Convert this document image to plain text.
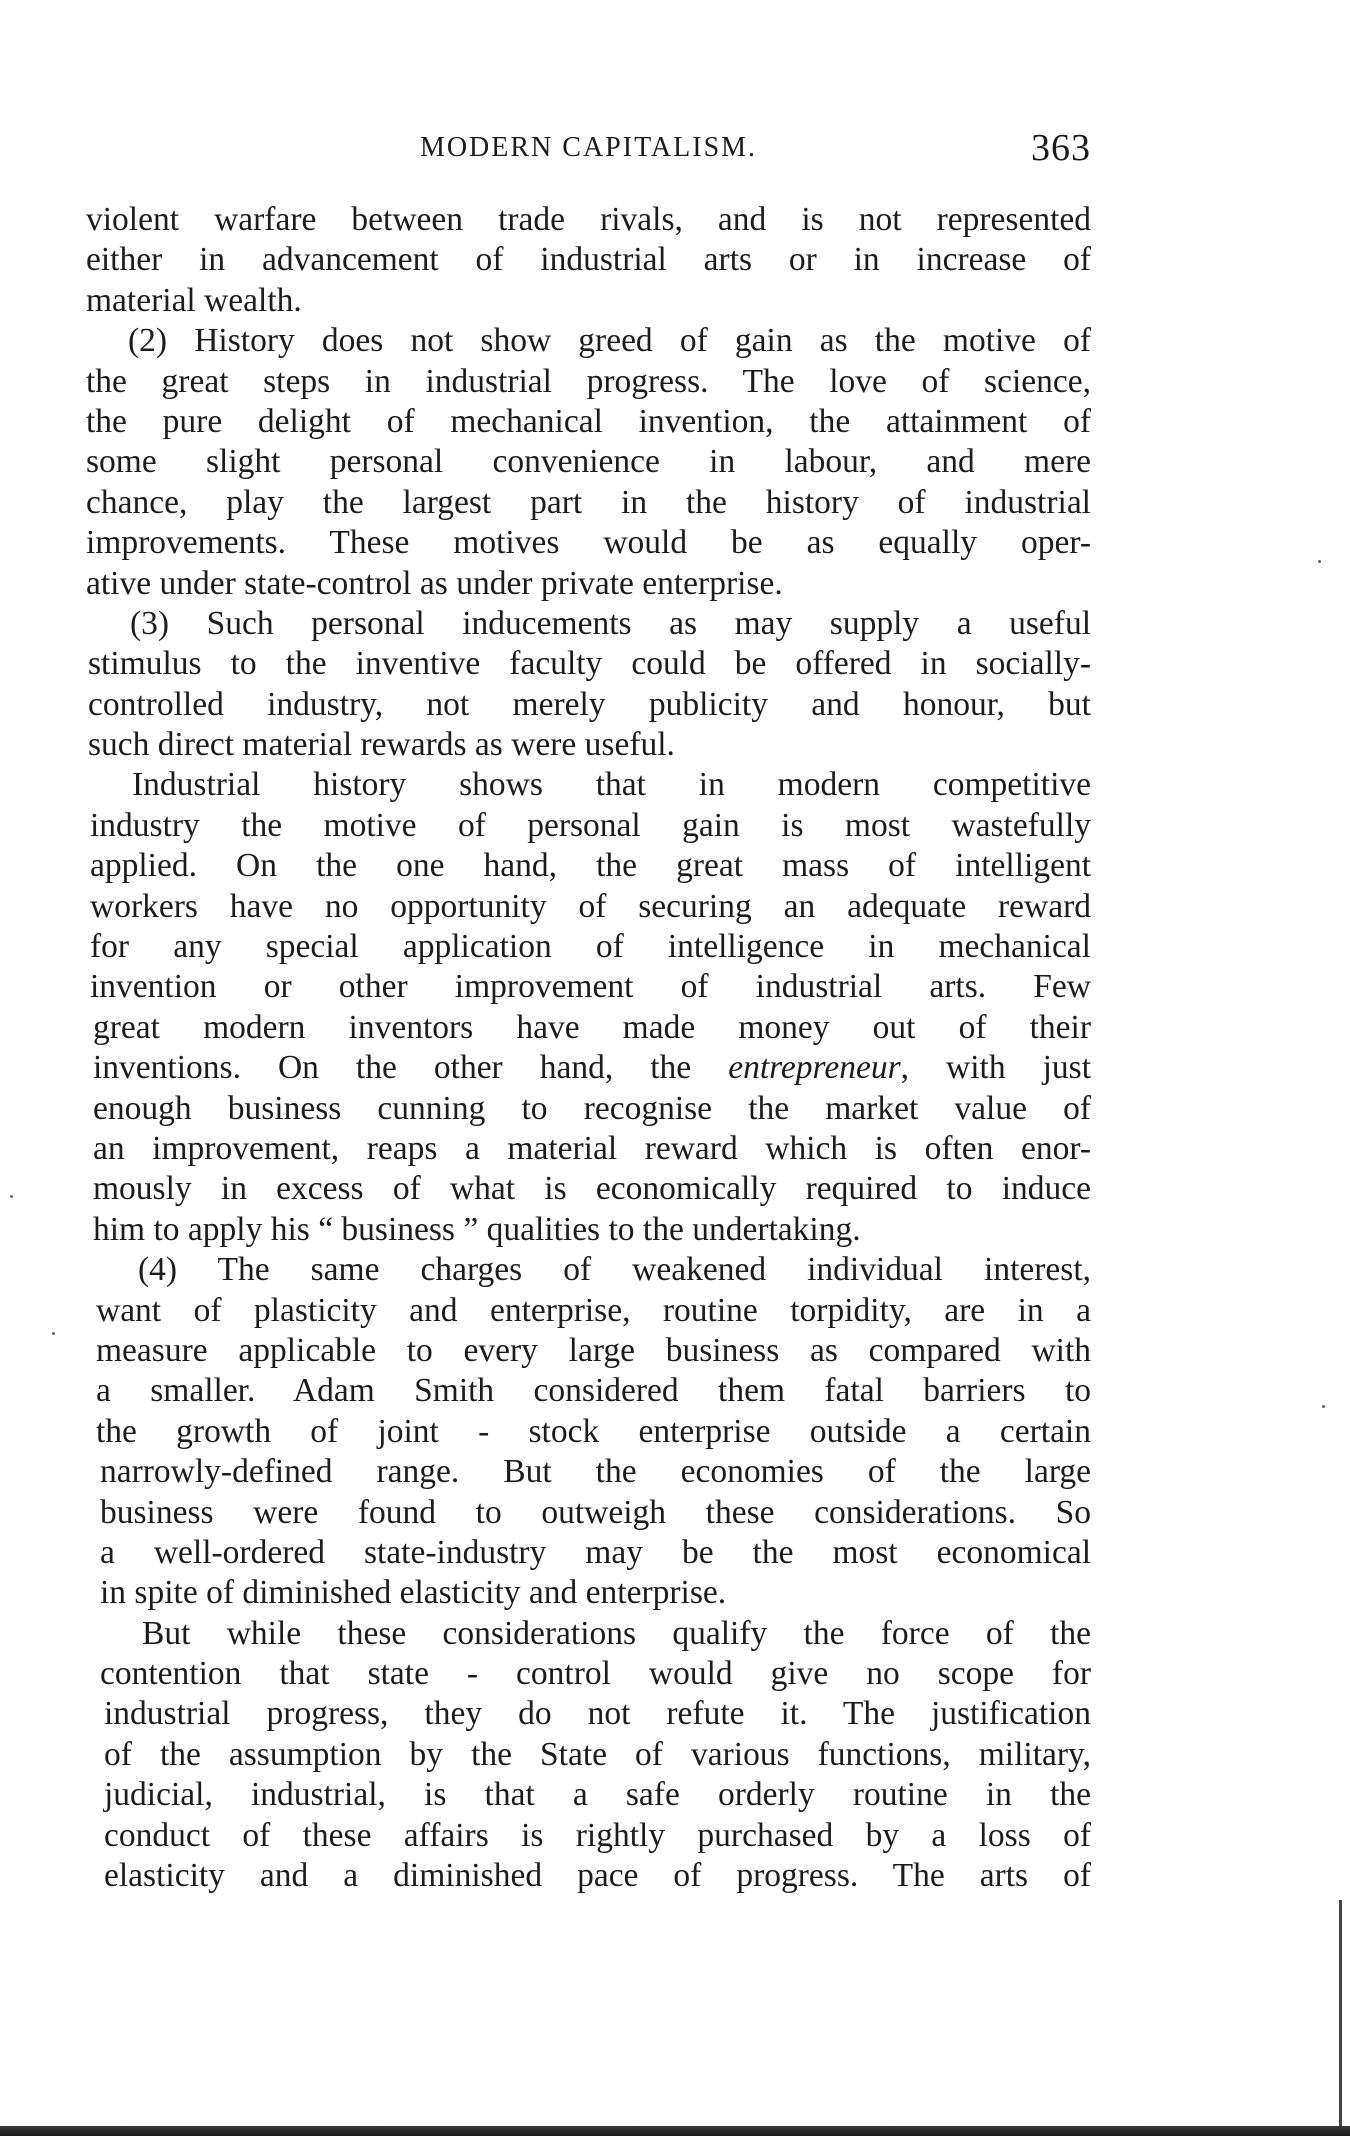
MODERN CAPITALISM.	363
violent warfare between trade rivals, and is not represented
either in advancement of industrial arts or in increase of
material wealth.
(2) History does not show greed of gain as the motive of
the great steps in industrial progress. The love of science,
the pure delight of mechanical invention, the attainment of
some slight personal convenience in labour, and mere
chance, play the largest part in the history of industrial
improvements. These motives would be as equally oper-
ative under state-control as under private enterprise.
(3) Such personal inducements as may supply a useful
stimulus to the inventive faculty could be offered in socially-
controlled industry, not merely publicity and honour, but
such direct material rewards as were useful.
Industrial history shows that in modern competitive
industry the motive of personal gain is most wastefully
applied. On the one hand, the great mass of intelligent
workers have no opportunity of securing an adequate reward
for any special application of intelligence in mechanical
invention or other improvement of industrial arts. Few
great modern inventors have made money out of their
inventions. On the other hand, the entrepreneur, with just
enough business cunning to recognise the market value of
an improvement, reaps a material reward which is often enor-
mously in excess of what is economically required to induce
him to apply his “ business ” qualities to the undertaking.
(4) The same charges of weakened individual interest,
want of plasticity and enterprise, routine torpidity, are in a
measure applicable to every large business as compared with
a smaller. Adam Smith considered them fatal barriers to
the growth of joint - stock enterprise outside a certain
narrowly-defined range. But the economies of the large
business were found to outweigh these considerations. So
a well-ordered state-industry may be the most economical
in spite of diminished elasticity and enterprise.
But while these considerations qualify the force of the
contention that state - control would give no scope for
industrial progress, they do not refute it. The justification
of the assumption by the State of various functions, military,
judicial, industrial, is that a safe orderly routine in the
conduct of these affairs is rightly purchased by a loss of
elasticity and a diminished pace of progress. The arts of
